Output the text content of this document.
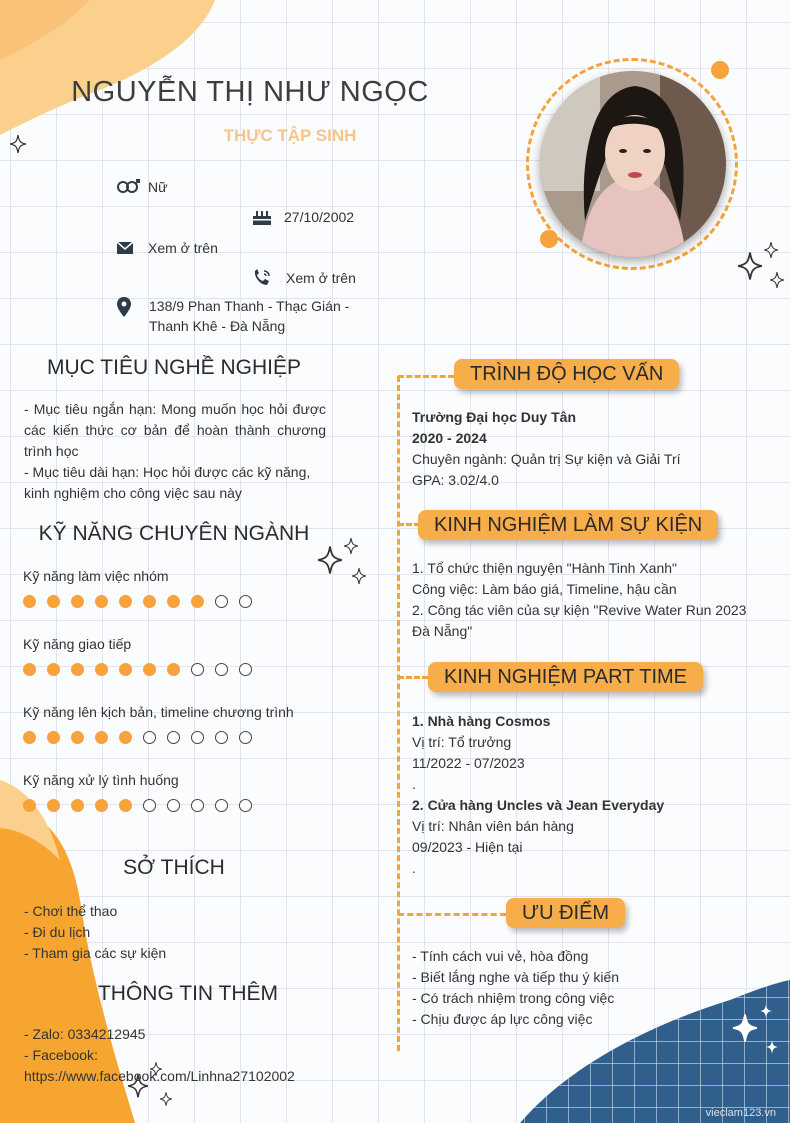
NGUYỄN THỊ NHƯ NGỌC
THỰC TẬP SINH
Nữ
27/10/2002
Xem ở trên
Xem ở trên
138/9 Phan Thanh - Thạc Gián -
Thanh Khê - Đà Nẵng
MỤC TIÊU NGHỀ NGHIỆP
- Mục tiêu ngắn hạn: Mong muốn học hỏi được các kiến thức cơ bản để hoàn thành chương trình học
- Mục tiêu dài hạn: Học hỏi được các kỹ năng, kinh nghiệm cho công việc sau này
KỸ NĂNG CHUYÊN NGÀNH
Kỹ năng làm việc nhóm
Kỹ năng giao tiếp
Kỹ năng lên kịch bản, timeline chương trình
Kỹ năng xử lý tình huống
SỞ THÍCH
- Chơi thể thao
- Đi du lịch
- Tham gia các sự kiện
THÔNG TIN THÊM
- Zalo: 0334212945
- Facebook:
https://www.facebook.com/Linhna27102002
TRÌNH ĐỘ HỌC VẤN
Trường Đại học Duy Tân
2020 - 2024
Chuyên ngành: Quản trị Sự kiện và Giải Trí
GPA: 3.02/4.0
KINH NGHIỆM LÀM SỰ KIỆN
1. Tổ chức thiện nguyện "Hành Tinh Xanh"
Công việc: Làm báo giá, Timeline, hậu cần
2. Công tác viên của sự kiện "Revive Water Run 2023
Đà Nẵng"
KINH NGHIỆM PART TIME
1. Nhà hàng Cosmos
Vị trí: Tổ trưởng
11/2022 - 07/2023
.
2. Cửa hàng Uncles và Jean Everyday
Vị trí: Nhân viên bán hàng
09/2023 - Hiện tại
.
ƯU ĐIỂM
- Tính cách vui vẻ, hòa đồng
- Biết lắng nghe và tiếp thu ý kiến
- Có trách nhiệm trong công việc
- Chịu được áp lực công việc
vieclam123.vn
